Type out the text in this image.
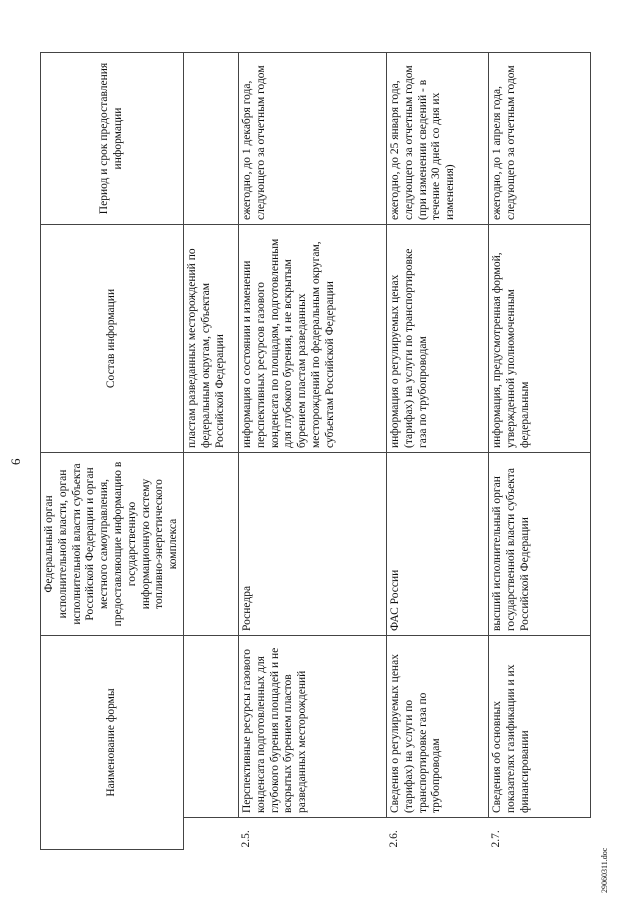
6
Наименование формы		Федеральный орган исполнительной власти, орган исполнительной власти субъекта Российской Федерации и орган местного самоуправления, предоставляющие информацию в государственную информационную систему топливно-энергетического комплекса	Состав информации	Период и срок предоставления информации
			пластам разведанных месторождений по федеральным округам, субъектам Российской Федерации	
2.5.	Перспективные ресурсы газового конденсата подготовленных для глубокого бурения площадей и не вскрытых бурением пластов разведанных месторождений	Роснедра	информация о состоянии и изменении перспективных ресурсов газового конденсата по площадям, подготовленным для глубокого бурения, и не вскрытым бурением пластам разведанных месторождений по федеральным округам, субъектам Российской Федерации	ежегодно, до 1 декабря года, следующего за отчетным годом
2.6.	Сведения о регулируемых ценах (тарифах) на услуги по транспортировке газа по трубопроводам	ФАС России	информация о регулируемых ценах (тарифах) на услуги по транспортировке газа по трубопроводам	ежегодно, до 25 января года, следующего за отчетным годом (при изменении сведений - в течение 30 дней со дня их изменения)
2.7.	Сведения об основных показателях газификации и их финансировании	высший исполнительный орган государственной власти субъекта Российской Федерации	информация, предусмотренная формой, утвержденной уполномоченным федеральным	ежегодно, до 1 апреля года, следующего за отчетным годом
29060311.doc
